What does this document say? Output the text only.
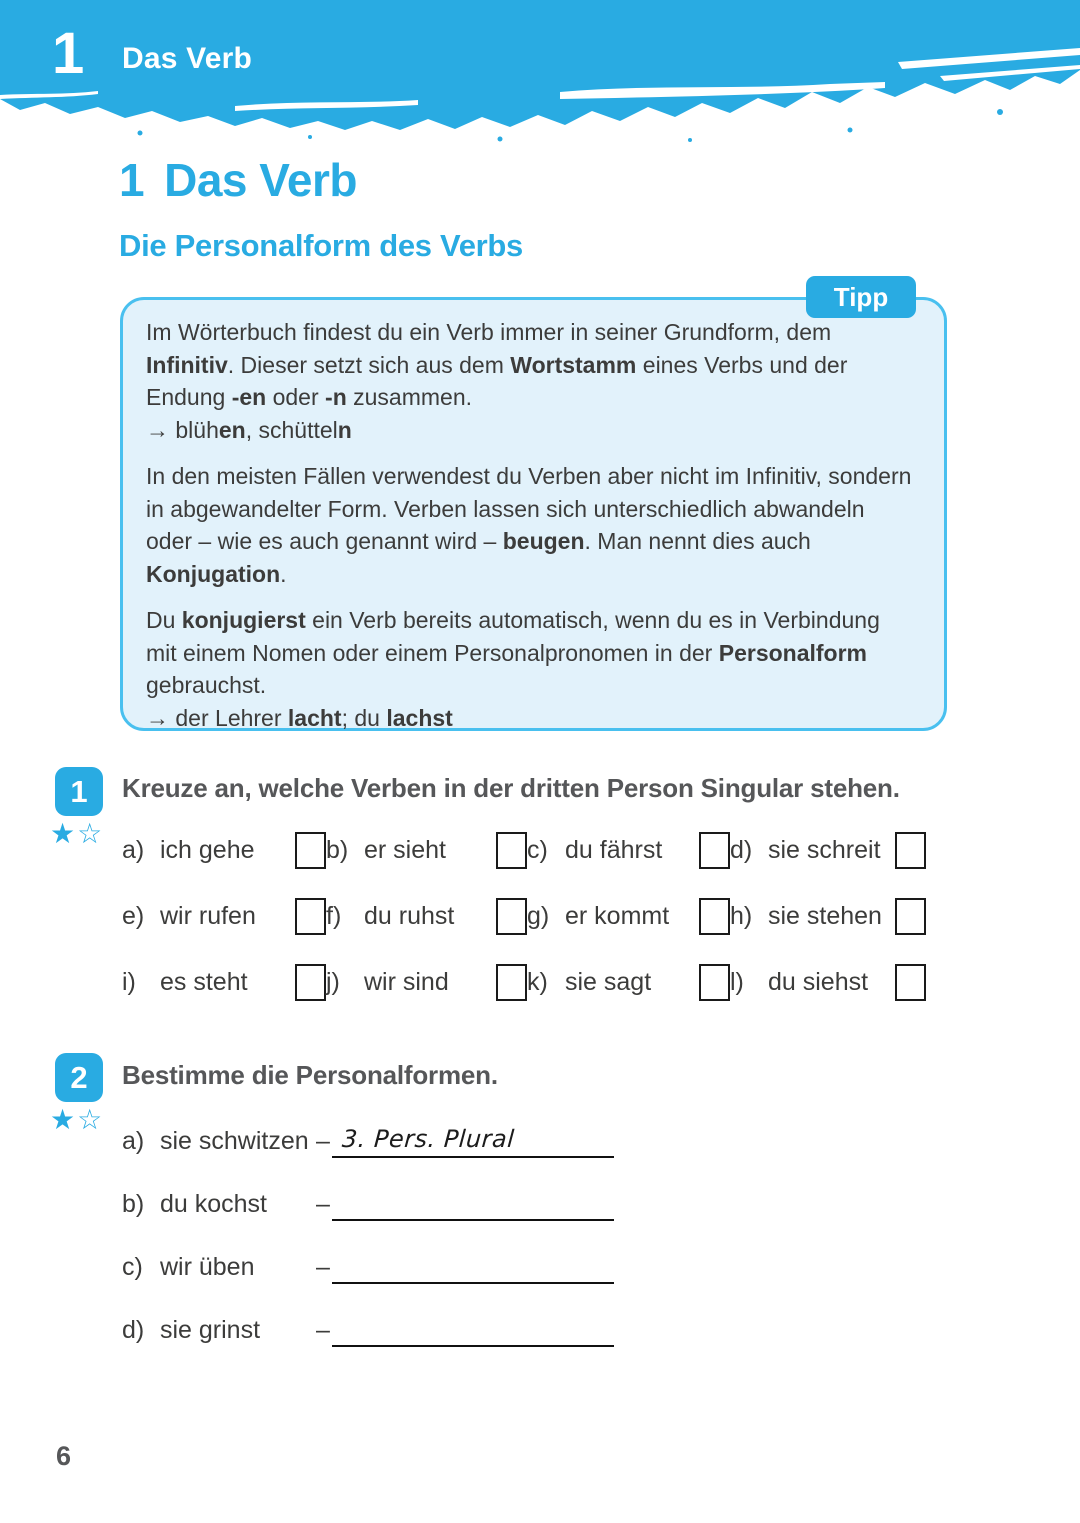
1 Das Verb
1 Das Verb
Die Personalform des Verbs
Tipp

Im Wörterbuch findest du ein Verb immer in seiner Grundform, dem Infinitiv. Dieser setzt sich aus dem Wortstamm eines Verbs und der Endung -en oder -n zusammen.

→ blühen, schütteln

In den meisten Fällen verwendest du Verben aber nicht im Infinitiv, sondern in abgewandelter Form. Verben lassen sich unterschiedlich abwandeln oder – wie es auch genannt wird – beugen. Man nennt dies auch Konjugation.

Du konjugierst ein Verb bereits automatisch, wenn du es in Verbindung mit einem Nomen oder einem Personalpronomen in der Personalform gebrauchst.

→ der Lehrer lacht; du lachst

1
★☆
Kreuze an, welche Verben in der dritten Person Singular stehen.
a) ich gehe	b) er sieht	c) du fährst	d) sie schreit
e) wir rufen	f) du ruhst	g) er kommt h) sie stehen
i) es steht	j) wir sind	k) sie sagt	l) du siehst
2
★☆
Bestimme die Personalformen.
a) sie schwitzen – 3. Pers. Plural
b) du kochst –
c) wir üben –
d) sie grinst –
6
